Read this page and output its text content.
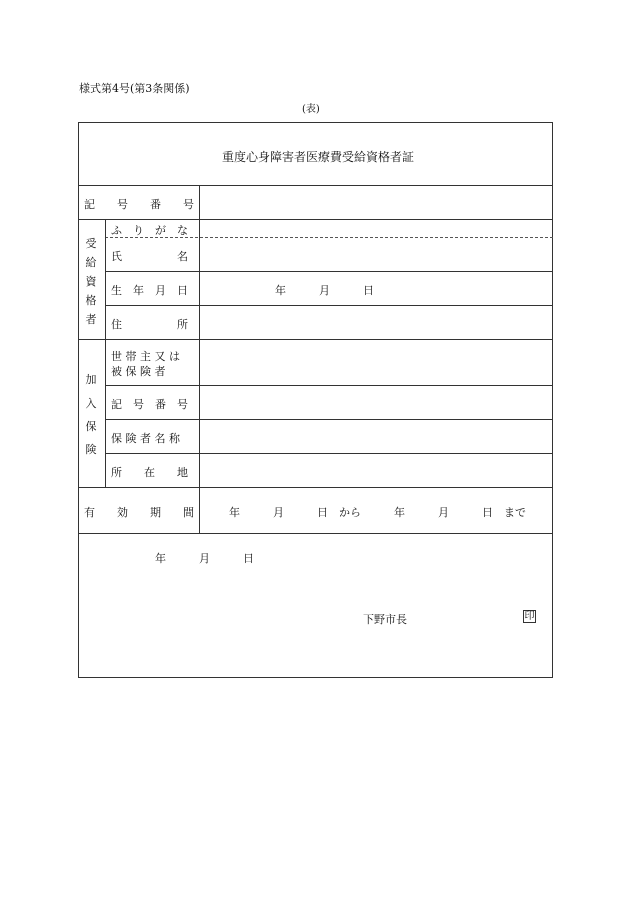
様式第4号(第3条関係)
(表)
重度心身障害者医療費受給資格者証
記　　号　　番　　号
受
給
資
格
者
ふ　り　が　な
氏　　　　　名
生　年　月　日	年　　　月　　　日
住　　　　　所
加
入
保
険
世 帯 主 又 は
被 保 険 者
記　号　番　号
保 険 者 名 称
所　　在　　地
有　　効　　期　　間	年　　　月　　　日　から　　　年　　　月　　　日　まで
年　　　月　　　日
下野市長	印
